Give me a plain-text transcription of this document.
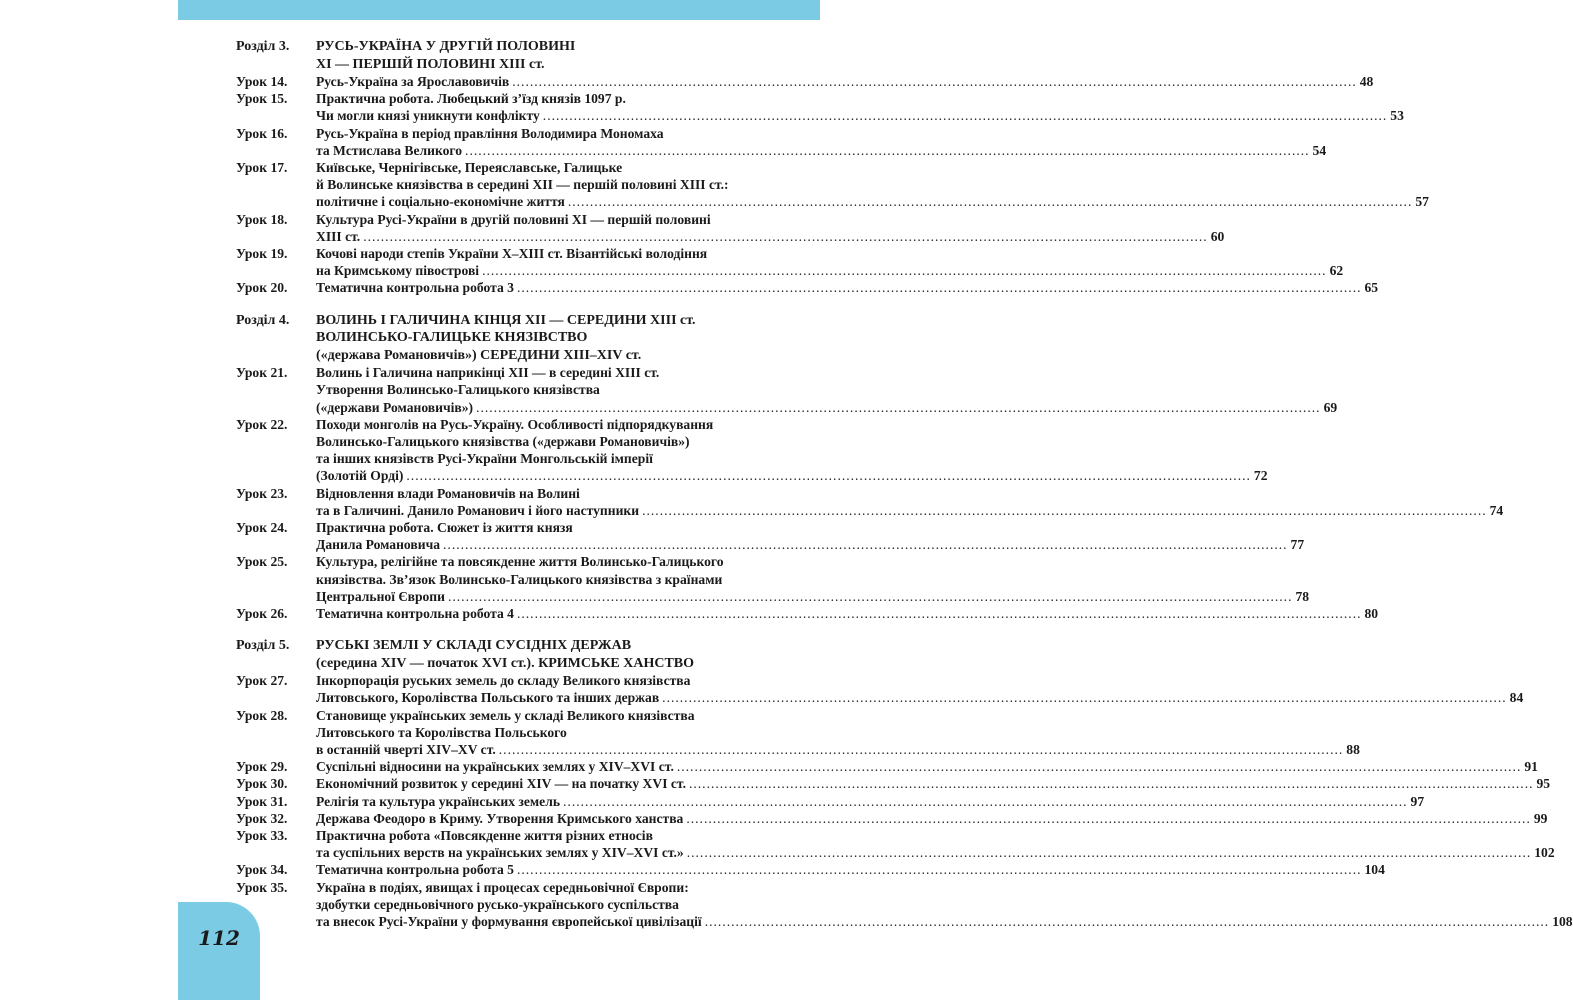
Розділ 3.	РУСЬ-УКРАЇНА У ДРУГІЙ ПОЛОВИНІ
XI — ПЕРШІЙ ПОЛОВИНІ XIII ст.
Урок 14.	Русь-Україна за Ярославовичів .....	48
Урок 15.	Практична робота. Любецький з’їзд князів 1097 р.
Чи могли князі уникнути конфлікту .....	53
Урок 16.	Русь-Україна в період правління Володимира Мономаха
та Мстислава Великого .....	54
Урок 17.	Київське, Чернігівське, Переяславське, Галицьке
й Волинське князівства в середині XII — першій половині XIII ст.:
політичне і соціально-економічне життя .....	57
Урок 18.	Культура Русі-України в другій половині XI — першій половині
XIII ст. .....	60
Урок 19.	Кочові народи степів України X–XIII ст. Візантійські володіння
на Кримському півострові .....	62
Урок 20.	Тематична контрольна робота 3 .....	65
Розділ 4.	ВОЛИНЬ І ГАЛИЧИНА КІНЦЯ XII — СЕРЕДИНИ XIII ст.
ВОЛИНСЬКО-ГАЛИЦЬКЕ КНЯЗІВСТВО
(«держава Романовичів») СЕРЕДИНИ XIII–XIV ст.
Урок 21.	Волинь і Галичина наприкінці XII — в середині XIII ст.
Утворення Волинсько-Галицького князівства
(«держави Романовичів») .....	69
Урок 22.	Походи монголів на Русь-Україну. Особливості підпорядкування
Волинсько-Галицького князівства («держави Романовичів»)
та інших князівств Русі-України Монгольській імперії
(Золотій Орді) .....	72
Урок 23.	Відновлення влади Романовичів на Волині
та в Галичині. Данило Романович і його наступники .....	74
Урок 24.	Практична робота. Сюжет із життя князя
Данила Романовича .....	77
Урок 25.	Культура, релігійне та повсякденне життя Волинсько-Галицького
князівства. Зв’язок Волинсько-Галицького князівства з країнами
Центральної Європи .....	78
Урок 26.	Тематична контрольна робота 4 .....	80
Розділ 5.	РУСЬКІ ЗЕМЛІ У СКЛАДІ СУСІДНІХ ДЕРЖАВ
(середина XIV — початок XVI ст.). КРИМСЬКЕ ХАНСТВО
Урок 27.	Інкорпорація руських земель до складу Великого князівства
Литовського, Королівства Польського та інших держав .....	84
Урок 28.	Становище українських земель у складі Великого князівства
Литовського та Королівства Польського
в останній чверті XIV–XV ст. .....	88
Урок 29.	Суспільні відносини на українських землях у XIV–XVI ст. .....	91
Урок 30.	Економічний розвиток у середині XIV — на початку XVI ст. .....	95
Урок 31.	Релігія та культура українських земель .....	97
Урок 32.	Держава Феодоро в Криму. Утворення Кримського ханства .....	99
Урок 33.	Практична робота «Повсякденне життя різних етносів
та суспільних верств на українських землях у XIV–XVI ст.» .....	102
Урок 34.	Тематична контрольна робота 5 .....	104
Урок 35.	Україна в подіях, явищах і процесах середньовічної Європи:
здобутки середньовічного русько-українського суспільства
та внесок Русі-України у формування європейської цивілізації .....	108
112
